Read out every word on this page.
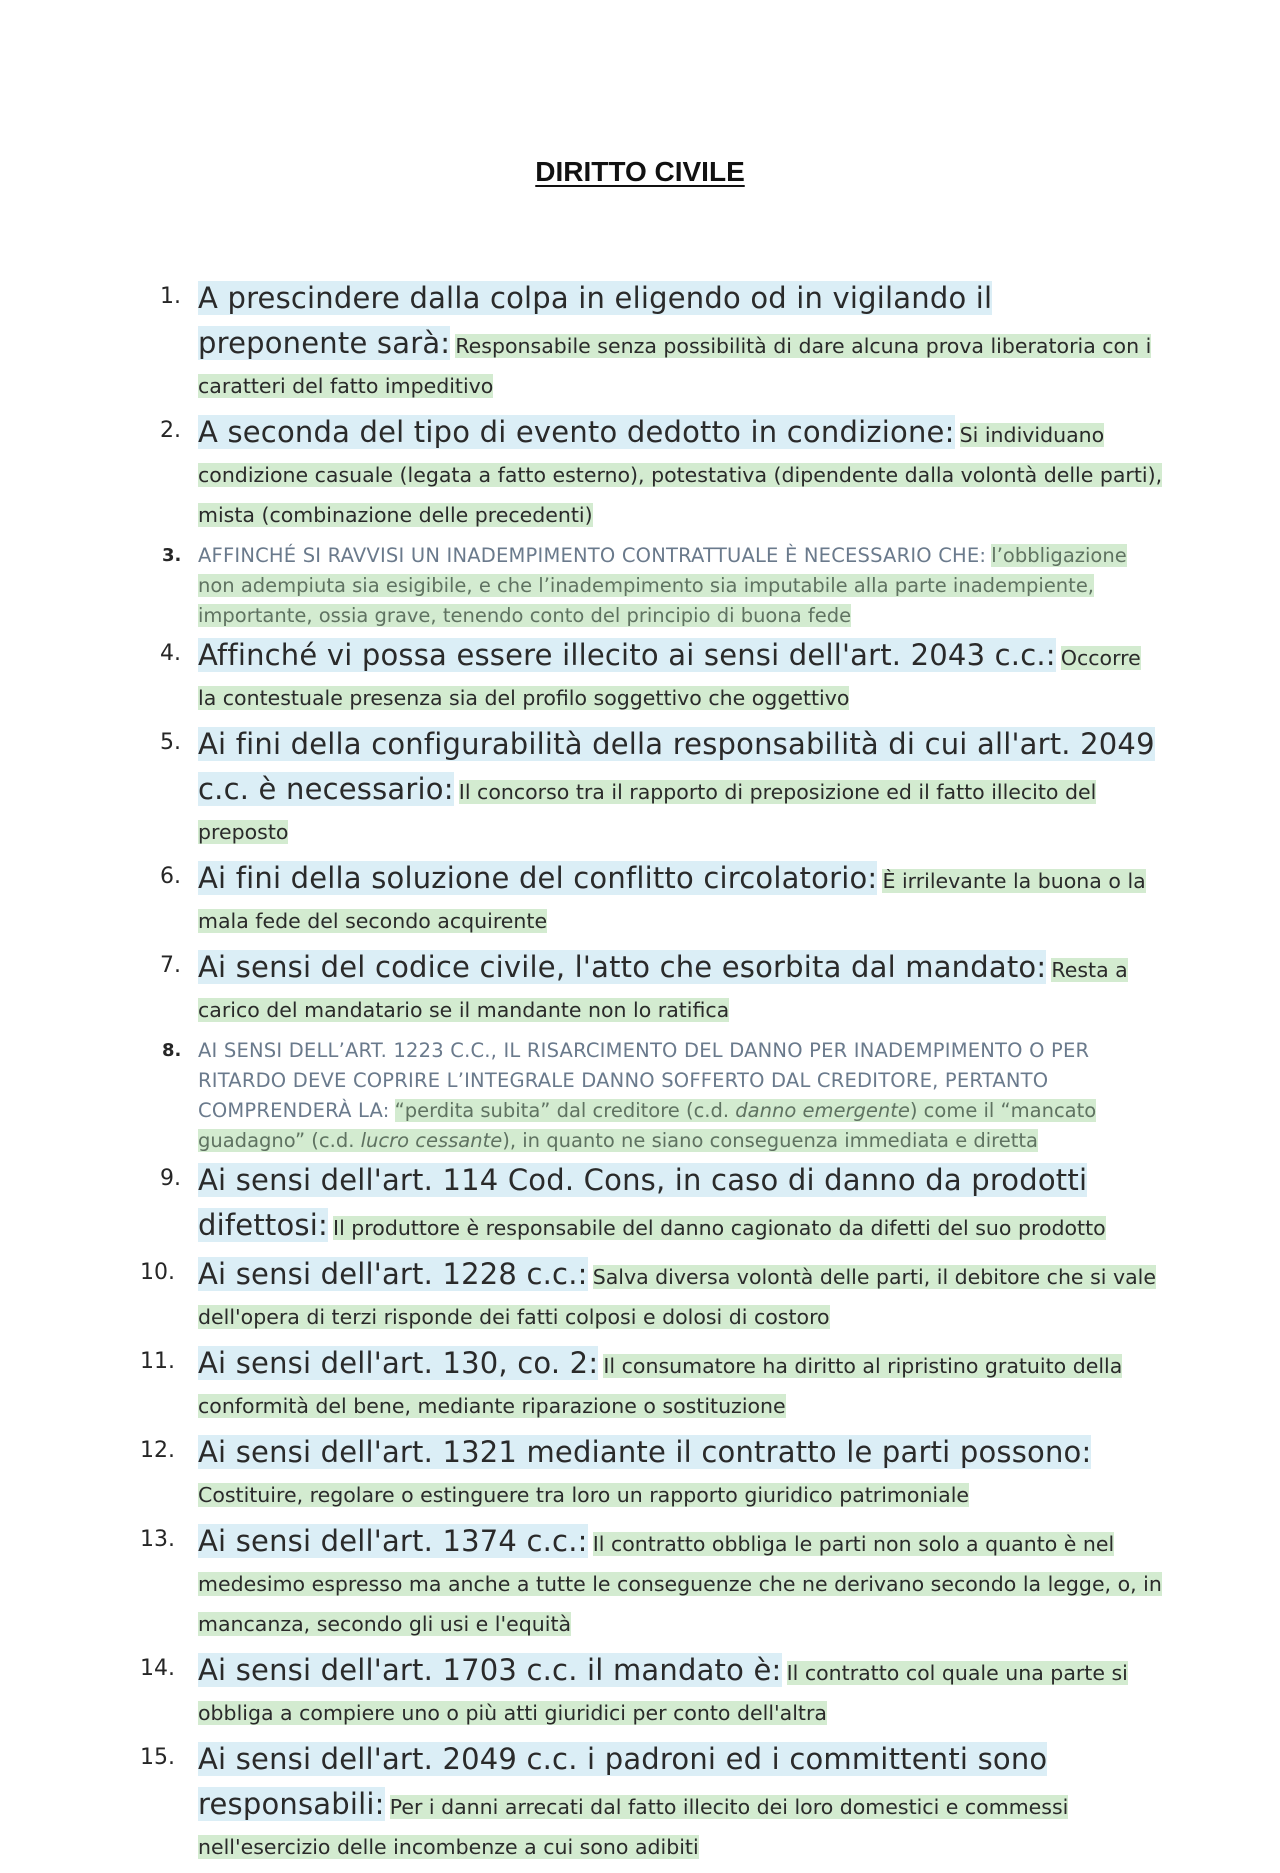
DIRITTO CIVILE
1. A prescindere dalla colpa in eligendo od in vigilando il preponente sarà: Responsabile senza possibilità di dare alcuna prova liberatoria con i caratteri del fatto impeditivo
2. A seconda del tipo di evento dedotto in condizione: Si individuano condizione casuale (legata a fatto esterno), potestativa (dipendente dalla volontà delle parti), mista (combinazione delle precedenti)
3. AFFINCHÉ SI RAVVISI UN INADEMPIMENTO CONTRATTUALE È NECESSARIO CHE: l’obbligazione non adempiuta sia esigibile, e che l’inadempimento sia imputabile alla parte inadempiente, importante, ossia grave, tenendo conto del principio di buona fede
4. Affinché vi possa essere illecito ai sensi dell'art. 2043 c.c.: Occorre la contestuale presenza sia del profilo soggettivo che oggettivo
5. Ai fini della configurabilità della responsabilità di cui all'art. 2049 c.c. è necessario: Il concorso tra il rapporto di preposizione ed il fatto illecito del preposto
6. Ai fini della soluzione del conflitto circolatorio: È irrilevante la buona o la mala fede del secondo acquirente
7. Ai sensi del codice civile, l'atto che esorbita dal mandato: Resta a carico del mandatario se il mandante non lo ratifica
8. AI SENSI DELL’ART. 1223 C.C., IL RISARCIMENTO DEL DANNO PER INADEMPIMENTO O PER RITARDO DEVE COPRIRE L’INTEGRALE DANNO SOFFERTO DAL CREDITORE, PERTANTO COMPRENDERÀ LA: “perdita subita” dal creditore (c.d. danno emergente) come il “mancato guadagno” (c.d. lucro cessante), in quanto ne siano conseguenza immediata e diretta
9. Ai sensi dell'art. 114 Cod. Cons, in caso di danno da prodotti difettosi: Il produttore è responsabile del danno cagionato da difetti del suo prodotto
10. Ai sensi dell'art. 1228 c.c.: Salva diversa volontà delle parti, il debitore che si vale dell'opera di terzi risponde dei fatti colposi e dolosi di costoro
11. Ai sensi dell'art. 130, co. 2: Il consumatore ha diritto al ripristino gratuito della conformità del bene, mediante riparazione o sostituzione
12. Ai sensi dell'art. 1321 mediante il contratto le parti possono: Costituire, regolare o estinguere tra loro un rapporto giuridico patrimoniale
13. Ai sensi dell'art. 1374 c.c.: Il contratto obbliga le parti non solo a quanto è nel medesimo espresso ma anche a tutte le conseguenze che ne derivano secondo la legge, o, in mancanza, secondo gli usi e l'equità
14. Ai sensi dell'art. 1703 c.c. il mandato è: Il contratto col quale una parte si obbliga a compiere uno o più atti giuridici per conto dell'altra
15. Ai sensi dell'art. 2049 c.c. i padroni ed i committenti sono responsabili: Per i danni arrecati dal fatto illecito dei loro domestici e commessi nell'esercizio delle incombenze a cui sono adibiti
